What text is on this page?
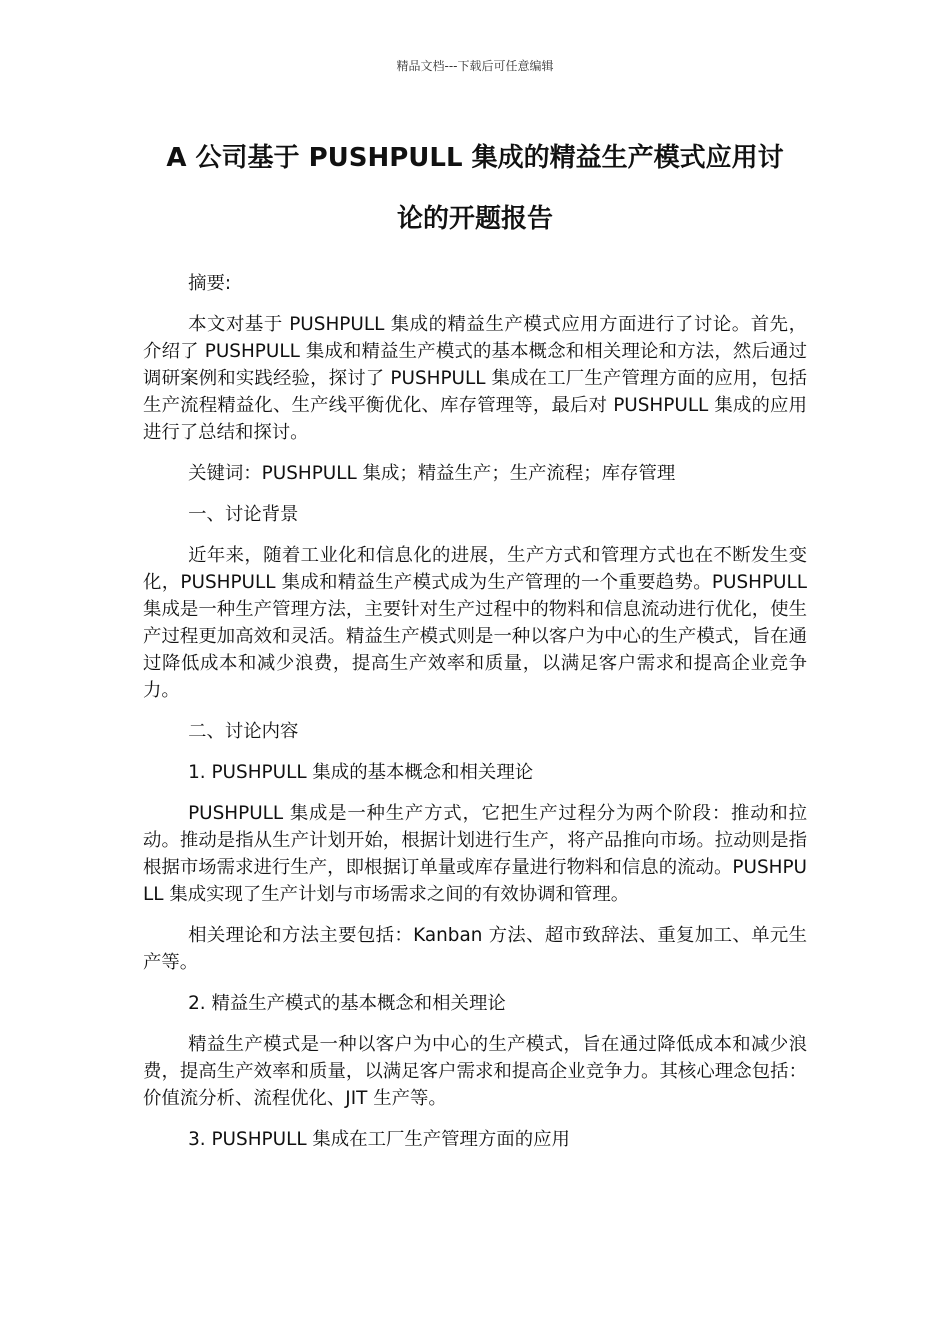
精品文档---下载后可任意编辑
A 公司基于 PUSHPULL 集成的精益生产模式应用讨
论的开题报告

摘要:

本文对基于 PUSHPULL 集成的精益生产模式应用方面进行了讨论。首先，介绍了 PUSHPULL 集成和精益生产模式的基本概念和相关理论和方法，然后通过调研案例和实践经验，探讨了 PUSHPULL 集成在工厂生产管理方面的应用，包括生产流程精益化、生产线平衡优化、库存管理等，最后对 PUSHPULL 集成的应用进行了总结和探讨。

关键词：PUSHPULL 集成；精益生产；生产流程；库存管理

一、讨论背景

近年来，随着工业化和信息化的进展，生产方式和管理方式也在不断发生变化，PUSHPULL 集成和精益生产模式成为生产管理的一个重要趋势。PUSHPULL 集成是一种生产管理方法，主要针对生产过程中的物料和信息流动进行优化，使生产过程更加高效和灵活。精益生产模式则是一种以客户为中心的生产模式，旨在通过降低成本和减少浪费，提高生产效率和质量，以满足客户需求和提高企业竞争力。

二、讨论内容

1. PUSHPULL 集成的基本概念和相关理论

PUSHPULL 集成是一种生产方式，它把生产过程分为两个阶段：推动和拉动。推动是指从生产计划开始，根据计划进行生产，将产品推向市场。拉动则是指根据市场需求进行生产，即根据订单量或库存量进行物料和信息的流动。PUSHPULL 集成实现了生产计划与市场需求之间的有效协调和管理。

相关理论和方法主要包括：Kanban 方法、超市致辞法、重复加工、单元生产等。

2. 精益生产模式的基本概念和相关理论

精益生产模式是一种以客户为中心的生产模式，旨在通过降低成本和减少浪费，提高生产效率和质量，以满足客户需求和提高企业竞争力。其核心理念包括：价值流分析、流程优化、JIT 生产等。

3. PUSHPULL 集成在工厂生产管理方面的应用
